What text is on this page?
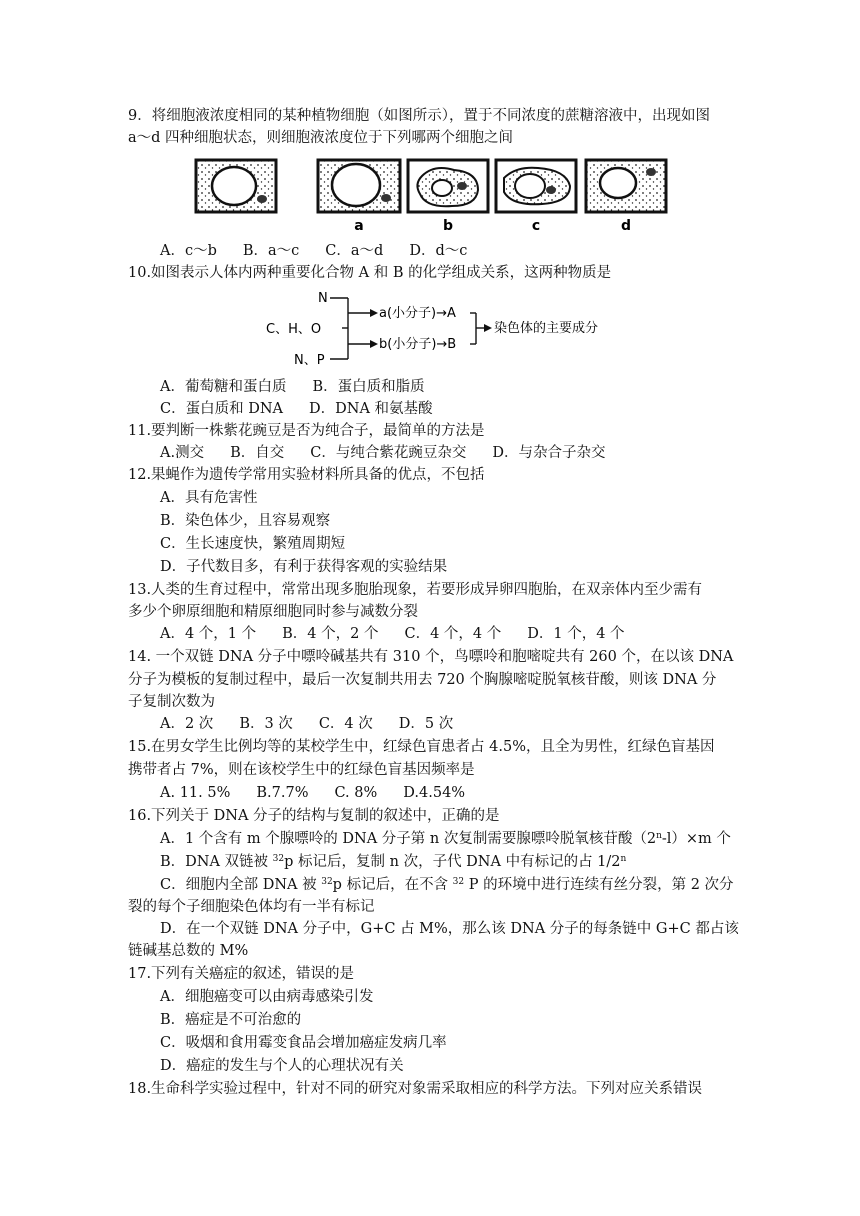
9．将细胞液浓度相同的某种植物细胞（如图所示），置于不同浓度的蔗糖溶液中，出现如图
a～d 四种细胞状态，则细胞液浓度位于下列哪两个细胞之间
a	b	c	d
A．c～b B．a～c C．a～d D．d～c
10.如图表示人体内两种重要化合物 A 和 B 的化学组成关系，这两种物质是
N
C、H、O
N、P
a(小分子)→A
b(小分子)→B
染色体的主要成分
A．葡萄糖和蛋白质 B．蛋白质和脂质
C．蛋白质和 DNA D．DNA 和氨基酸
11.要判断一株紫花豌豆是否为纯合子，最简单的方法是
A.测交 B．自交 C．与纯合紫花豌豆杂交 D．与杂合子杂交
12.果蝇作为遗传学常用实验材料所具备的优点，不包括
A．具有危害性
B．染色体少，且容易观察
C．生长速度快，繁殖周期短
D．子代数目多，有利于获得客观的实验结果
13.人类的生育过程中，常常出现多胞胎现象，若要形成异卵四胞胎，在双亲体内至少需有
多少个卵原细胞和精原细胞同时参与减数分裂
A．4 个，1 个 B．4 个，2 个 C．4 个，4 个 D．1 个，4 个
14. 一个双链 DNA 分子中嘌呤碱基共有 310 个，鸟嘌呤和胞嘧啶共有 260 个，在以该 DNA
分子为模板的复制过程中，最后一次复制共用去 720 个胸腺嘧啶脱氧核苷酸，则该 DNA 分
子复制次数为
A．2 次 B．3 次 C．4 次 D．5 次
15.在男女学生比例均等的某校学生中，红绿色盲患者占 4.5%，且全为男性，红绿色盲基因
携带者占 7%，则在该校学生中的红绿色盲基因频率是
A. 11. 5% B.7.7% C. 8% D.4.54%
16.下列关于 DNA 分子的结构与复制的叙述中，正确的是
A．1 个含有 m 个腺嘌呤的 DNA 分子第 n 次复制需要腺嘌呤脱氧核苷酸$(2^n-l)\times m$ 个
B．DNA 双链被 $^{32}$p 标记后，复制 n 次，子代 DNA 中有标记的占 1/2$^n$
C．细胞内全部 DNA 被 $^{32}$p 标记后，在不含 $^{32}$ P 的环境中进行连续有丝分裂，第 2 次分
裂的每个子细胞染色体均有一半有标记
D．在一个双链 DNA 分子中，G+C 占 M%，那么该 DNA 分子的每条链中 G+C 都占该
链碱基总数的 M%
17.下列有关癌症的叙述，错误的是
A．细胞癌变可以由病毒感染引发
B．癌症是不可治愈的
C．吸烟和食用霉变食品会增加癌症发病几率
D．癌症的发生与个人的心理状况有关
18.生命科学实验过程中，针对不同的研究对象需采取相应的科学方法。下列对应关系错误
